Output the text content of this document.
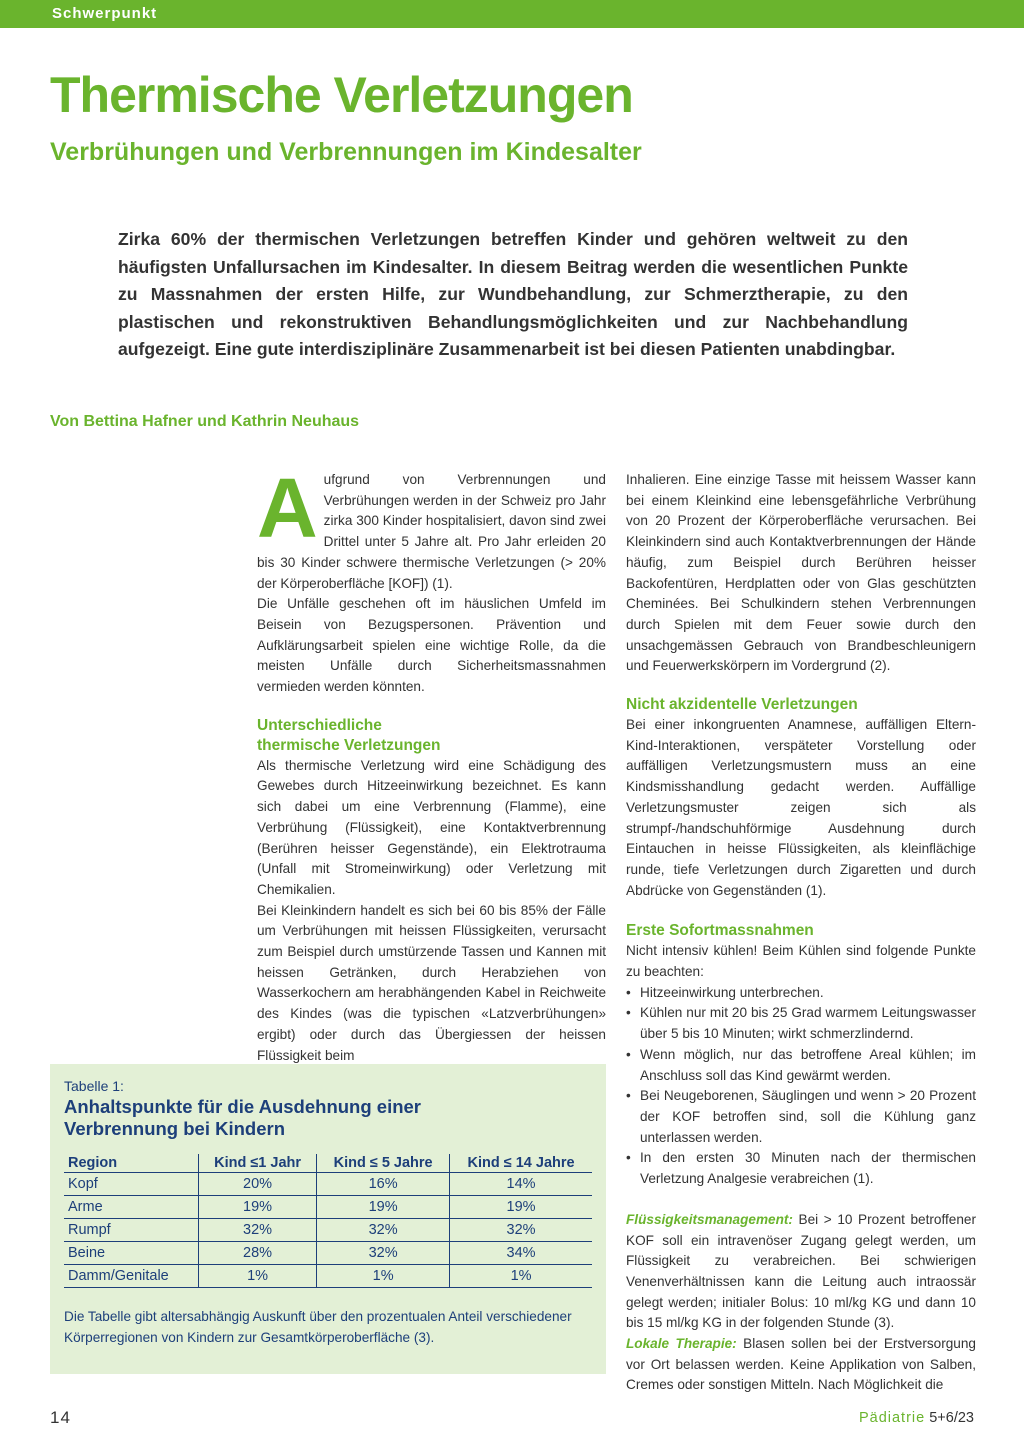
Schwerpunkt
Thermische Verletzungen
Verbrühungen und Verbrennungen im Kindesalter

Zirka 60% der thermischen Verletzungen betreffen Kinder und gehören weltweit zu den häufigsten Unfallursachen im Kindesalter. In diesem Beitrag werden die wesentlichen Punkte zu Massnahmen der ersten Hilfe, zur Wundbehandlung, zur Schmerztherapie, zu den plastischen und rekonstruktiven Behandlungsmöglichkeiten und zur Nachbehandlung aufgezeigt. Eine gute interdisziplinäre Zusammenarbeit ist bei diesen Patienten unabdingbar.

Von Bettina Hafner und Kathrin Neuhaus

Aufgrund von Verbrennungen und Verbrühungen werden in der Schweiz pro Jahr zirka 300 Kinder hospitalisiert, davon sind zwei Drittel unter 5 Jahre alt. Pro Jahr erleiden 20 bis 30 Kinder schwere thermische Verletzungen (> 20% der Körperoberfläche [KOF]) (1).

Die Unfälle geschehen oft im häuslichen Umfeld im Beisein von Bezugspersonen. Prävention und Aufklärungsarbeit spielen eine wichtige Rolle, da die meisten Unfälle durch Sicherheitsmassnahmen vermieden werden könnten.

Unterschiedliche
thermische Verletzungen

Als thermische Verletzung wird eine Schädigung des Gewebes durch Hitzeeinwirkung bezeichnet. Es kann sich dabei um eine Verbrennung (Flamme), eine Verbrühung (Flüssigkeit), eine Kontaktverbrennung (Berühren heisser Gegenstände), ein Elektrotrauma (Unfall mit Stromeinwirkung) oder Verletzung mit Chemikalien.

Bei Kleinkindern handelt es sich bei 60 bis 85% der Fälle um Verbrühungen mit heissen Flüssigkeiten, verursacht zum Beispiel durch umstürzende Tassen und Kannen mit heissen Getränken, durch Herabziehen von Wasserkochern am herabhängenden Kabel in Reichweite des Kindes (was die typischen «Latzverbrühungen» ergibt) oder durch das Übergiessen der heissen Flüssigkeit beim

Inhalieren. Eine einzige Tasse mit heissem Wasser kann bei einem Kleinkind eine lebensgefährliche Verbrühung von 20 Prozent der Körperoberfläche verursachen. Bei Kleinkindern sind auch Kontaktverbrennungen der Hände häufig, zum Beispiel durch Berühren heisser Backofentüren, Herdplatten oder von Glas geschützten Cheminées. Bei Schulkindern stehen Verbrennungen durch Spielen mit dem Feuer sowie durch den unsachgemässen Gebrauch von Brandbeschleunigern und Feuerwerkskörpern im Vordergrund (2).

Nicht akzidentelle Verletzungen

Bei einer inkongruenten Anamnese, auffälligen Eltern-Kind-Interaktionen, verspäteter Vorstellung oder auffälligen Verletzungsmustern muss an eine Kindsmisshandlung gedacht werden. Auffällige Verletzungsmuster zeigen sich als strumpf-/handschuhförmige Ausdehnung durch Eintauchen in heisse Flüssigkeiten, als kleinflächige runde, tiefe Verletzungen durch Zigaretten und durch Abdrücke von Gegenständen (1).

Erste Sofortmassnahmen

Nicht intensiv kühlen! Beim Kühlen sind folgende Punkte zu beachten:

• Hitzeeinwirkung unterbrechen.
• Kühlen nur mit 20 bis 25 Grad warmem Leitungswasser über 5 bis 10 Minuten; wirkt schmerzlindernd.
• Wenn möglich, nur das betroffene Areal kühlen; im Anschluss soll das Kind gewärmt werden.
• Bei Neugeborenen, Säuglingen und wenn > 20 Prozent der KOF betroffen sind, soll die Kühlung ganz unterlassen werden.
• In den ersten 30 Minuten nach der thermischen Verletzung Analgesie verabreichen (1).

Flüssigkeitsmanagement: Bei > 10 Prozent betroffener KOF soll ein intravenöser Zugang gelegt werden, um Flüssigkeit zu verabreichen. Bei schwierigen Venenverhältnissen kann die Leitung auch intraossär gelegt werden; initialer Bolus: 10 ml/kg KG und dann 10 bis 15 ml/kg KG in der folgenden Stunde (3).

Lokale Therapie: Blasen sollen bei der Erstversorgung vor Ort belassen werden. Keine Applikation von Salben, Cremes oder sonstigen Mitteln. Nach Möglichkeit die

Tabelle 1:

Anhaltspunkte für die Ausdehnung einer Verbrennung bei Kindern

Region	Kind ≤1 Jahr	Kind ≤ 5 Jahre	Kind ≤ 14 Jahre
Kopf	20%	16%	14%
Arme	19%	19%	19%
Rumpf	32%	32%	32%
Beine	28%	32%	34%
Damm/Genitale	1%	1%	1%

Die Tabelle gibt altersabhängig Auskunft über den prozentualen Anteil verschiedener Körperregionen von Kindern zur Gesamtkörperoberfläche (3).

14	Pädiatrie 5+6/23
